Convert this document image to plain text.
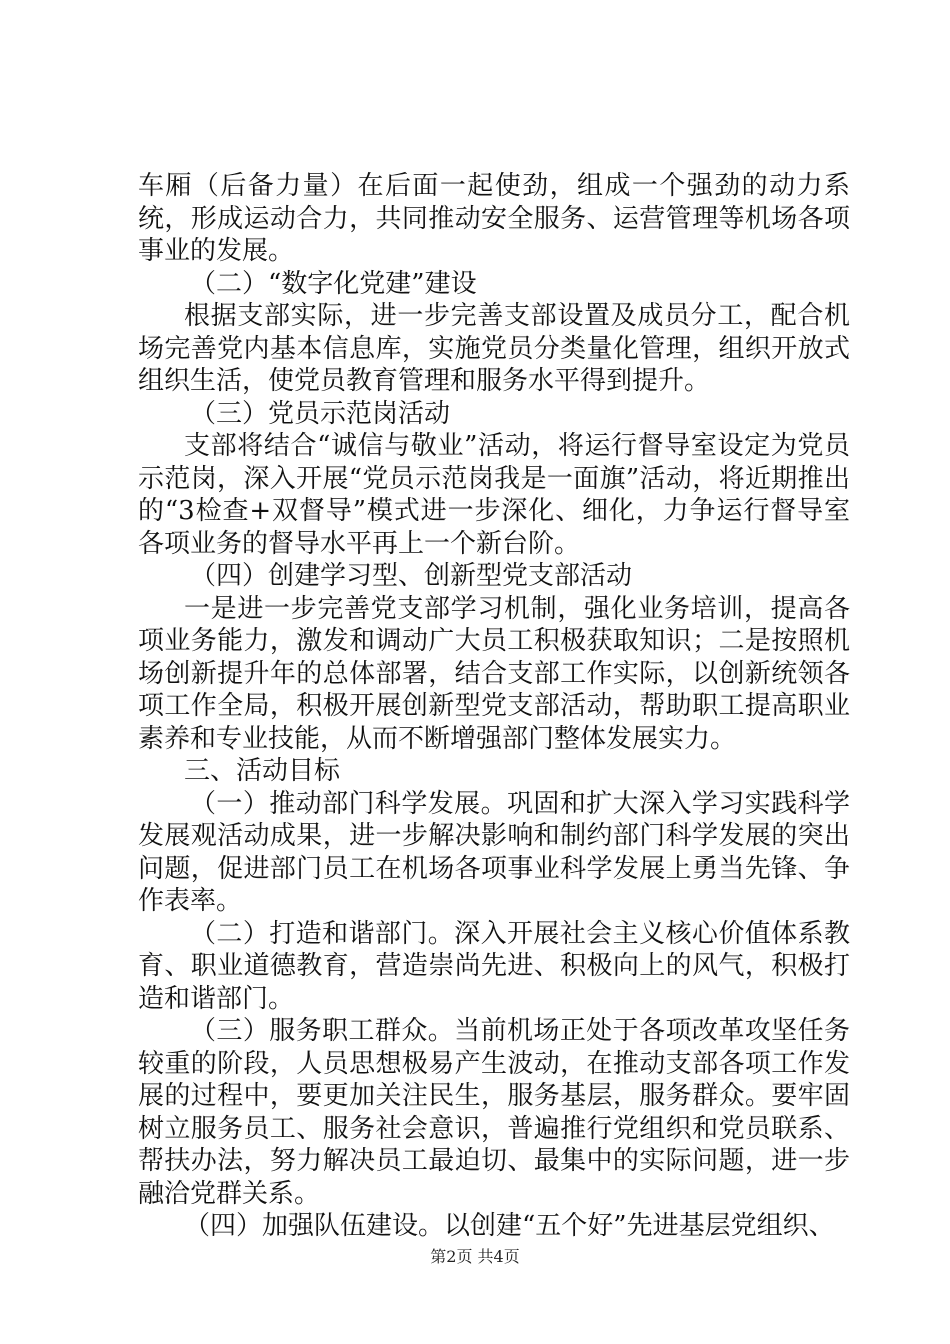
车厢（后备力量）在后面一起使劲，组成一个强劲的动力系统，形成运动合力，共同推动安全服务、运营管理等机场各项事业的发展。

（二）“数字化党建”建设

根据支部实际，进一步完善支部设置及成员分工，配合机场完善党内基本信息库，实施党员分类量化管理，组织开放式组织生活，使党员教育管理和服务水平得到提升。

（三）党员示范岗活动

支部将结合“诚信与敬业”活动，将运行督导室设定为党员示范岗，深入开展“党员示范岗我是一面旗”活动，将近期推出的“3检查+双督导”模式进一步深化、细化，力争运行督导室各项业务的督导水平再上一个新台阶。

（四）创建学习型、创新型党支部活动

一是进一步完善党支部学习机制，强化业务培训，提高各项业务能力，激发和调动广大员工积极获取知识；二是按照机场创新提升年的总体部署，结合支部工作实际，以创新统领各项工作全局，积极开展创新型党支部活动，帮助职工提高职业素养和专业技能，从而不断增强部门整体发展实力。

三、活动目标

（一）推动部门科学发展。巩固和扩大深入学习实践科学发展观活动成果，进一步解决影响和制约部门科学发展的突出问题，促进部门员工在机场各项事业科学发展上勇当先锋、争作表率。

（二）打造和谐部门。深入开展社会主义核心价值体系教育、职业道德教育，营造崇尚先进、积极向上的风气，积极打造和谐部门。

（三）服务职工群众。当前机场正处于各项改革攻坚任务较重的阶段，人员思想极易产生波动，在推动支部各项工作发展的过程中，要更加关注民生，服务基层，服务群众。要牢固树立服务员工、服务社会意识，普遍推行党组织和党员联系、帮扶办法，努力解决员工最迫切、最集中的实际问题，进一步融洽党群关系。

（四）加强队伍建设。以创建“五个好”先进基层党组织、

第2页 共4页
